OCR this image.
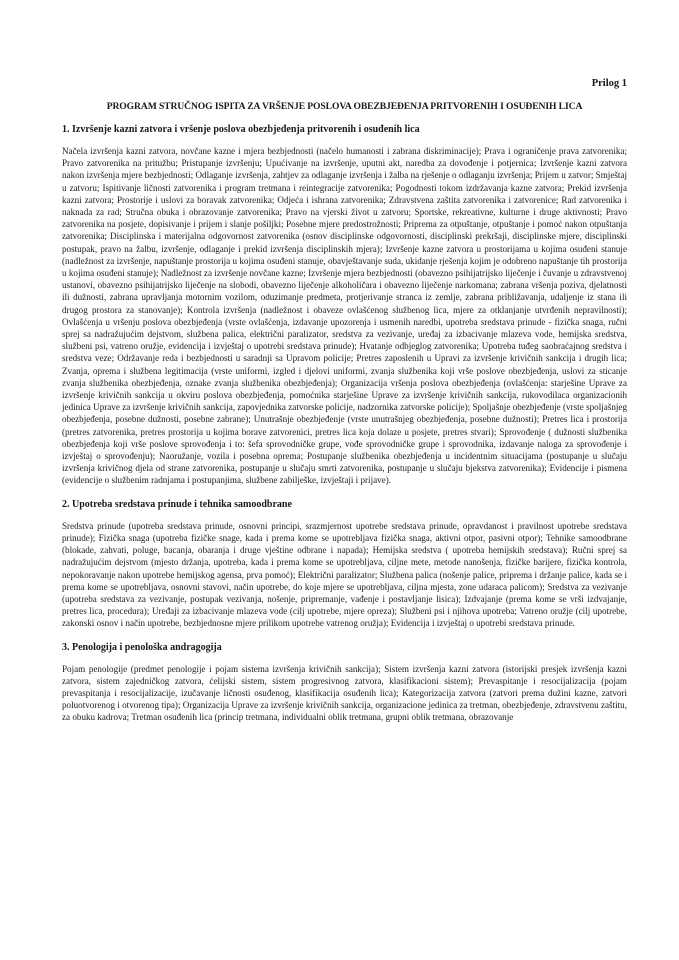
Prilog 1
PROGRAM STRUČNOG ISPITA ZA VRŠENJE POSLOVA OBEZBJEĐENJA PRITVORENIH I OSUĐENIH LICA
1. Izvršenje kazni zatvora i vršenje poslova obezbjeđenja pritvorenih i osuđenih lica
Načela izvršenja kazni zatvora, novčane kazne i mjera bezbjednosti (načelo humanosti i zabrana diskriminacije); Prava i ograničenje prava zatvorenika; Pravo zatvorenika na pritužbu; Pristupanje izvršenju; Upućivanje na izvršenje, uputni akt, naredba za dovođenje i potjernica; Izvršenje kazni zatvora nakon izvršenja mjere bezbjednosti; Odlaganje izvršenja, zahtjev za odlaganje izvršenja i žalba na rješenje o odlaganju izvršenja; Prijem u zatvor; Smještaj u zatvoru; Ispitivanje ličnosti zatvorenika i program tretmana i reintegracije zatvorenika; Pogodnosti tokom izdržavanja kazne zatvora; Prekid izvršenja kazni zatvora; Prostorije i uslovi za boravak zatvorenika; Odjeća i ishrana zatvorenika; Zdravstvena zaštita zatvorenika i zatvorenice; Rad zatvorenika i naknada za rad; Stručna obuka i obrazovanje zatvorenika; Pravo na vjerski život u zatvoru; Sportske, rekreativne, kulturne i druge aktivnosti; Pravo zatvorenika na posjete, dopisivanje i prijem i slanje pošiljki; Posebne mjere predostrožnosti; Priprema za otpuštanje, otpuštanje i pomoć nakon otpuštanja zatvorenika; Disciplinska i materijalna odgovornost zatvorenika (osnov disciplinske odgovornosti, disciplinski prekršaji, disciplinske mjere, disciplinski postupak, pravo na žalbu, izvršenje, odlaganje i prekid izvršenja disciplinskih mjera); Izvršenje kazne zatvora u prostorijama u kojima osuđeni stanuje (nadležnost za izvršenje, napuštanje prostorija u kojima osuđeni stanuje, obavještavanje suda, ukidanje rješenja kojim je odobreno napuštanje tih prostorija u kojima osuđeni stanuje); Nadležnost za izvršenje novčane kazne; Izvršenje mjera bezbjednosti (obavezno psihijatrijsko liječenje i čuvanje u zdravstvenoj ustanovi, obavezno psihijatrijsko liječenje na slobodi, obavezno liječenje alkoholičara i obavezno liječenje narkomana; zabrana vršenja poziva, djelatnosti ili dužnosti, zabrana upravljanja motornim vozilom, oduzimanje predmeta, protjerivanje stranca iz zemlje, zabrana približavanja, udaljenje iz stana ili drugog prostora za stanovanje); Kontrola izvršenja (nadležnost i obaveze ovlašćenog službenog lica, mjere za otklanjanje utvrđenih nepravilnosti); Ovlašćenja u vršenju poslova obezbjeđenja (vrste ovlašćenja, izdavanje upozorenja i usmenih naredbi, upotreba sredstava prinude - fizička snaga, ručni sprej sa nadražujućim dejstvom, službena palica, električni paralizator, sredstva za vezivanje, uređaj za izbacivanje mlazeva vode, hemijska sredstva, službeni psi, vatreno oružje, evidencija i izvještaj o upotrebi sredstava prinude); Hvatanje odbjeglog zatvorenika; Upotreba tuđeg saobraćajnog sredstva i sredstva veze; Održavanje reda i bezbjednosti u saradnji sa Upravom policije; Pretres zaposlenih u Upravi za izvršenje krivičnih sankcija i drugih lica; Zvanja, oprema i službena legitimacija (vrste uniformi, izgled i djelovi uniformi, zvanja službenika koji vrše poslove obezbjeđenja, uslovi za sticanje zvanja službenika obezbjeđenja, oznake zvanja službenika obezbjeđenja); Organizacija vršenja poslova obezbjeđenja (ovlašćenja: starješine Uprave za izvršenje krivičnih sankcija u okviru poslova obezbjeđenja, pomoćnika starješine Uprave za izvršenje krivičnih sankcija, rukovodilaca organizacionih jedinica Uprave za izvršenje krivičnih sankcija, zapovjednika zatvorske policije, nadzornika zatvorske policije); Spoljašnje obezbjeđenje (vrste spoljašnjeg obezbjeđenja, posebne dužnosti, posebne zabrane); Unutrašnje obezbjeđenje (vrste unutrašnjeg obezbjeđenja, posebne dužnosti); Pretres lica i prostorija (pretres zatvorenika, pretres prostorija u kojima borave zatvorenici, pretres lica koja dolaze u posjete, pretres stvari); Sprovođenje ( dužnosti službenika obezbjeđenja koji vrše poslove sprovođenja i to: šefa sprovodničke grupe, vođe sprovodničke grupe i sprovodnika, izdavanje naloga za sprovođenje i izvještaj o sprovođenju); Naoružanje, vozila i posebna oprema; Postupanje službenika obezbjeđenja u incidentnim situacijama (postupanje u slučaju izvršenja krivičnog djela od strane zatvorenika, postupanje u slučaju smrti zatvorenika, postupanje u slučaju bjekstva zatvorenika); Evidencije i pismena (evidencije o službenim radnjama i postupanjima, službene zabilješke, izvještaji i prijave).
2. Upotreba sredstava prinude i tehnika samoodbrane
Sredstva prinude (upotreba sredstava prinude, osnovni principi, srazmjernost upotrebe sredstava prinude, opravdanost i pravilnost upotrebe sredstava prinude); Fizička snaga (upotreba fizičke snage, kada i prema kome se upotrebljava fizička snaga, aktivni otpor, pasivni otpor); Tehnike samoodbrane (blokade, zahvati, poluge, bacanja, obaranja i druge vještine odbrane i napada); Hemijska sredstva ( upotreba hemijskih sredstava); Ručni sprej sa nadražujućim dejstvom (mjesto držanja, upotreba, kada i prema kome se upotrebljava, ciljne mete, metode nanošenja, fizičke barijere, fizička kontrola, nepokoravanje nakon upotrebe hemijskog agensa, prva pomoć); Električni paralizator; Službena palica (nošenje palice, priprema i držanje palice, kada se i prema kome se upotrebljava, osnovni stavovi, način upotrebe, do koje mjere se upotrebljava, ciljna mjesta, zone udaraca palicom); Sredstva za vezivanje (upotreba sredstava za vezivanje, postupak vezivanja, nošenje, pripremanje, vađenje i postavljanje lisica); Izdvajanje (prema kome se vrši izdvajanje, pretres lica, procedura); Uređaji za izbacivanje mlazeva vode (cilj upotrebe, mjere opreza); Službeni psi i njihova upotreba; Vatreno oružje (cilj upotrebe, zakonski osnov i način upotrebe, bezbjednosne mjere prilikom upotrebe vatrenog oružja); Evidencija i izvještaj o upotrebi sredstava prinude.
3. Penologija i penološka andragogija
Pojam penologije (predmet penologije i pojam sistema izvršenja krivičnih sankcija); Sistem izvršenja kazni zatvora (istorijski presjek izvršenja kazni zatvora, sistem zajedničkog zatvora, ćelijski sistem, sistem progresivnog zatvora, klasifikacioni sistem); Prevaspitanje i resocijalizacija (pojam prevaspitanja i resocijalizacije, izučavanje ličnosti osuđenog, klasifikacija osuđenih lica); Kategorizacija zatvora (zatvori prema dužini kazne, zatvori poluotvorenog i otvorenog tipa); Organizacija Uprave za izvršenje krivičnih sankcija, organizacione jedinica za tretman, obezbjeđenje, zdravstvenu zaštitu, za obuku kadrova; Tretman osuđenih lica (princip tretmana, individualni oblik tretmana, grupni oblik tretmana, obrazovanje
